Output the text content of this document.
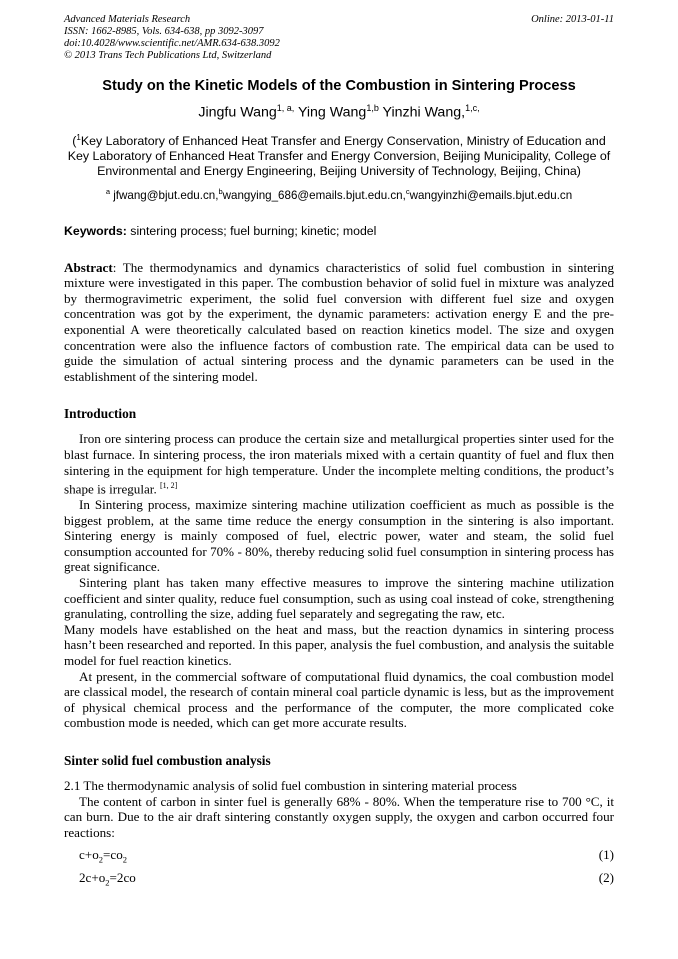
Advanced Materials Research
ISSN: 1662-8985, Vols. 634-638, pp 3092-3097
doi:10.4028/www.scientific.net/AMR.634-638.3092
© 2013 Trans Tech Publications Ltd, Switzerland
Online: 2013-01-11
Study on the Kinetic Models of the Combustion in Sintering Process
Jingfu Wang$^{1, a,}$ Ying Wang$^{1,b}$ Yinzhi Wang,$^{1,c,}$
($^1$Key Laboratory of Enhanced Heat Transfer and Energy Conservation, Ministry of Education and
Key Laboratory of Enhanced Heat Transfer and Energy Conversion, Beijing Municipality, College of
Environmental and Energy Engineering, Beijing University of Technology, Beijing, China)
$^a$ jfwang@bjut.edu.cn,$^b$wangying_686@emails.bjut.edu.cn,$^c$wangyinzhi@emails.bjut.edu.cn
Keywords: sintering process; fuel burning; kinetic; model

Abstract: The thermodynamics and dynamics characteristics of solid fuel combustion in sintering mixture were investigated in this paper. The combustion behavior of solid fuel in mixture was analyzed by thermogravimetric experiment, the solid fuel conversion with different fuel size and oxygen concentration was got by the experiment, the dynamic parameters: activation energy E and the pre-exponential A were theoretically calculated based on reaction kinetics model. The size and oxygen concentration were also the influence factors of combustion rate. The empirical data can be used to guide the simulation of actual sintering process and the dynamic parameters can be used in the establishment of the sintering model.

Introduction

Iron ore sintering process can produce the certain size and metallurgical properties sinter used for the blast furnace. In sintering process, the iron materials mixed with a certain quantity of fuel and flux then sintering in the equipment for high temperature. Under the incomplete melting conditions, the product’s shape is irregular. [1, 2]

In Sintering process, maximize sintering machine utilization coefficient as much as possible is the biggest problem, at the same time reduce the energy consumption in the sintering is also important. Sintering energy is mainly composed of fuel, electric power, water and steam, the solid fuel consumption accounted for 70% - 80%, thereby reducing solid fuel consumption in sintering process has great significance.

Sintering plant has taken many effective measures to improve the sintering machine utilization coefficient and sinter quality, reduce fuel consumption, such as using coal instead of coke, strengthening granulating, controlling the size, adding fuel separately and segregating the raw, etc.

Many models have established on the heat and mass, but the reaction dynamics in sintering process hasn’t been researched and reported. In this paper, analysis the fuel combustion, and analysis the suitable model for fuel reaction kinetics.

At present, in the commercial software of computational fluid dynamics, the coal combustion model are classical model, the research of contain mineral coal particle dynamic is less, but as the improvement of physical chemical process and the performance of the computer, the more complicated coke combustion mode is needed, which can get more accurate results.

Sinter solid fuel combustion analysis

2.1 The thermodynamic analysis of solid fuel combustion in sintering material process

The content of carbon in sinter fuel is generally 68% - 80%. When the temperature rise to 700 °C, it can burn. Due to the air draft sintering constantly oxygen supply, the oxygen and carbon occurred four reactions:

$c+o_2=co_2$	(1)
$2c+o_2=2co$	(2)
